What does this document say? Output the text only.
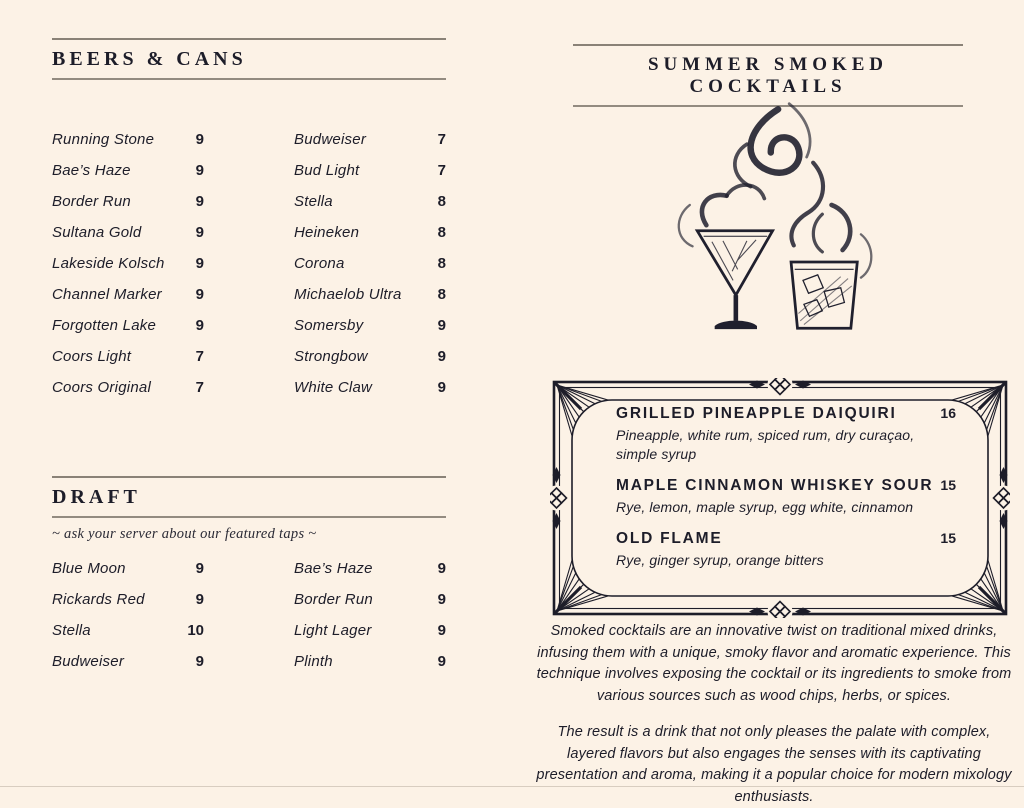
BEERS & CANS
Running Stone	9
Bae’s Haze	9
Border Run	9
Sultana Gold	9
Lakeside Kolsch 9
Channel Marker 9
Forgotten Lake	9
Coors Light	7
Coors Original	7
Budweiser	7
Bud Light	7
Stella	8
Heineken	8
Corona	8
Michaelob Ultra 8
Somersby	9
Strongbow	9
White Claw	9
DRAFT
~ ask your server about our featured taps ~
Blue Moon	9
Rickards Red	9
Stella	10
Budweiser	9
Bae’s Haze	9
Border Run	9
Light Lager	9
Plinth	9
SUMMER SMOKED COCKTAILS
GRILLED PINEAPPLE DAIQUIRI	16
Pineapple, white rum, spiced rum, dry curaçao, simple syrup
MAPLE CINNAMON WHISKEY SOUR 15
Rye, lemon, maple syrup, egg white, cinnamon
OLD FLAME	15
Rye, ginger syrup, orange bitters

Smoked cocktails are an innovative twist on traditional mixed drinks, infusing them with a unique, smoky flavor and aromatic experience. This technique involves exposing the cocktail or its ingredients to smoke from various sources such as wood chips, herbs, or spices.

The result is a drink that not only pleases the palate with complex, layered flavors but also engages the senses with its captivating presentation and aroma, making it a popular choice for modern mixology enthusiasts.
